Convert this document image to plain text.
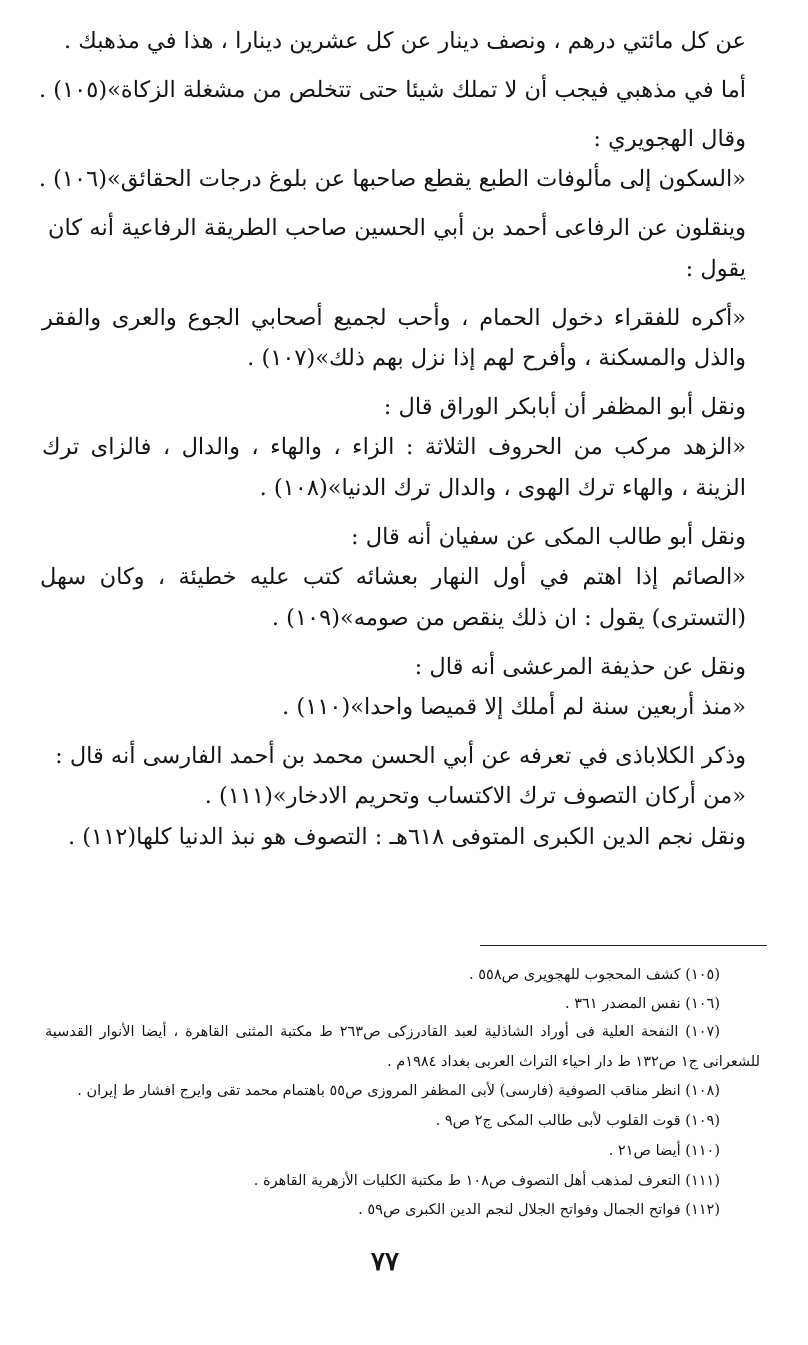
عن كل مائتي درهم ، ونصف دينار عن كل عشرين دينارا ، هذا في مذهبك .
أما في مذهبي فيجب أن لا تملك شيئا حتى تتخلص من مشغلة الزكاة»(١٠٥) .
وقال الهجويري :
«السكون إلى مألوفات الطبع يقطع صاحبها عن بلوغ درجات الحقائق»(١٠٦) .
وينقلون عن الرفاعى أحمد بن أبي الحسين صاحب الطريقة الرفاعية أنه كان
يقول :
«أكره للفقراء دخول الحمام ، وأحب لجميع أصحابي الجوع والعرى والفقر
والذل والمسكنة ، وأفرح لهم إذا نزل بهم ذلك»(١٠٧) .
ونقل أبو المظفر أن أبابكر الوراق قال :
«الزهد مركب من الحروف الثلاثة : الزاء ، والهاء ، والدال ، فالزاى ترك
الزينة ، والهاء ترك الهوى ، والدال ترك الدنيا»(١٠٨) .
ونقل أبو طالب المكى عن سفيان أنه قال :
«الصائم إذا اهتم في أول النهار بعشائه كتب عليه خطيئة ، وكان سهل
(التسترى) يقول : ان ذلك ينقص من صومه»(١٠٩) .
ونقل عن حذيفة المرعشى أنه قال :
«منذ أربعين سنة لم أملك إلا قميصا واحدا»(١١٠) .
وذكر الكلاباذى في تعرفه عن أبي الحسن محمد بن أحمد الفارسى أنه قال :
«من أركان التصوف ترك الاكتساب وتحريم الادخار»(١١١) .
ونقل نجم الدين الكبرى المتوفى ٦١٨هـ : التصوف هو نبذ الدنيا كلها(١١٢) .
(١٠٥) كشف المحجوب للهجويرى ص٥٥٨ .
(١٠٦) نفس المصدر ٣٦١ .
(١٠٧) النفحة العلية فى أوراد الشاذلية لعبد القادرزكى ص٢٦٣ ط مكتبة المثنى القاهرة ، أيضا الأنوار القدسية
للشعرانى ج١ ص١٣٢ ط دار احياء التراث العربى بغداد ١٩٨٤م .
(١٠٨) انظر مناقب الصوفية (فارسى) لأبى المظفر المروزى ص٥٥ باهتمام محمد تقى وايرج افشار ط إيران .
(١٠٩) قوت القلوب لأبى طالب المكى ج٢ ص٩ .
(١١٠) أيضا ص٢١ .
(١١١) التعرف لمذهب أهل التصوف ص١٠٨ ط مكتبة الكليات الأزهرية القاهرة .
(١١٢) فواتح الجمال وفواتح الجلال لنجم الدين الكبرى ص٥٩ .
٧٧
